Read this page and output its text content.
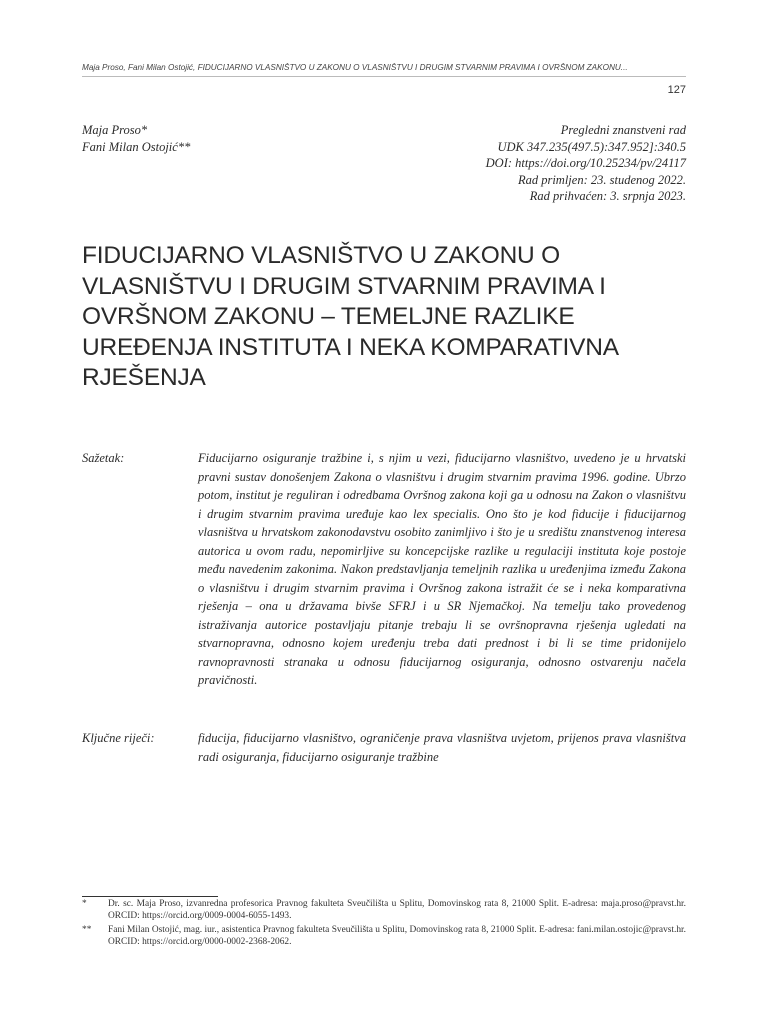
Maja Proso, Fani Milan Ostojić, FIDUCIJARNO VLASNIŠTVO U ZAKONU O VLASNIŠTVU I DRUGIM STVARNIM PRAVIMA I OVRŠNOM ZAKONU...
127
Maja Proso*
Fani Milan Ostojić**
Pregledni znanstveni rad
UDK 347.235(497.5):347.952]:340.5
DOI: https://doi.org/10.25234/pv/24117
Rad primljen: 23. studenog 2022.
Rad prihvaćen: 3. srpnja 2023.
FIDUCIJARNO VLASNIŠTVO U ZAKONU O VLASNIŠTVU I DRUGIM STVARNIM PRAVIMA I OVRŠNOM ZAKONU – TEMELJNE RAZLIKE UREĐENJA INSTITUTA I NEKA KOMPARATIVNA RJEŠENJA
Sažetak:	Fiducijarno osiguranje tražbine i, s njim u vezi, fiducijarno vlasništvo, uvedeno je u hrvatski pravni sustav donošenjem Zakona o vlasništvu i drugim stvarnim pravima 1996. godine. Ubrzo potom, institut je reguliran i odredbama Ovršnog zakona koji ga u odnosu na Zakon o vlasništvu i drugim stvarnim pravima uređuje kao lex specialis. Ono što je kod fiducije i fiducijarnog vlasništva u hrvatskom zakonodavstvu osobito zanimljivo i što je u središtu znanstvenog interesa autorica u ovom radu, nepomirljive su koncepcijske razlike u regulaciji instituta koje postoje među navedenim zakonima. Nakon predstavljanja temeljnih razlika u uređenjima između Zakona o vlasništvu i drugim stvarnim pravima i Ovršnog zakona istražit će se i neka komparativna rješenja – ona u državama bivše SFRJ i u SR Njemačkoj. Na temelju tako provedenog istraživanja autorice postavljaju pitanje trebaju li se ovršnopravna rješenja ugledati na stvarnopravna, odnosno kojem uređenju treba dati prednost i bi li se time pridonijelo ravnopravnosti stranaka u odnosu fiducijarnog osiguranja, odnosno ostvarenju načela pravičnosti.

Ključne riječi:	fiducija, fiducijarno vlasništvo, ograničenje prava vlasništva uvjetom, prijenos prava vlasništva radi osiguranja, fiducijarno osiguranje tražbine

* Dr. sc. Maja Proso, izvanredna profesorica Pravnog fakulteta Sveučilišta u Splitu, Domovinskog rata 8, 21000 Split. E-adresa: maja.proso@pravst.hr. ORCID: https://orcid.org/0009-0004-6055-1493.
** Fani Milan Ostojić, mag. iur., asistentica Pravnog fakulteta Sveučilišta u Splitu, Domovinskog rata 8, 21000 Split. E-adresa: fani.milan.ostojic@pravst.hr. ORCID: https://orcid.org/0000-0002-2368-2062.
